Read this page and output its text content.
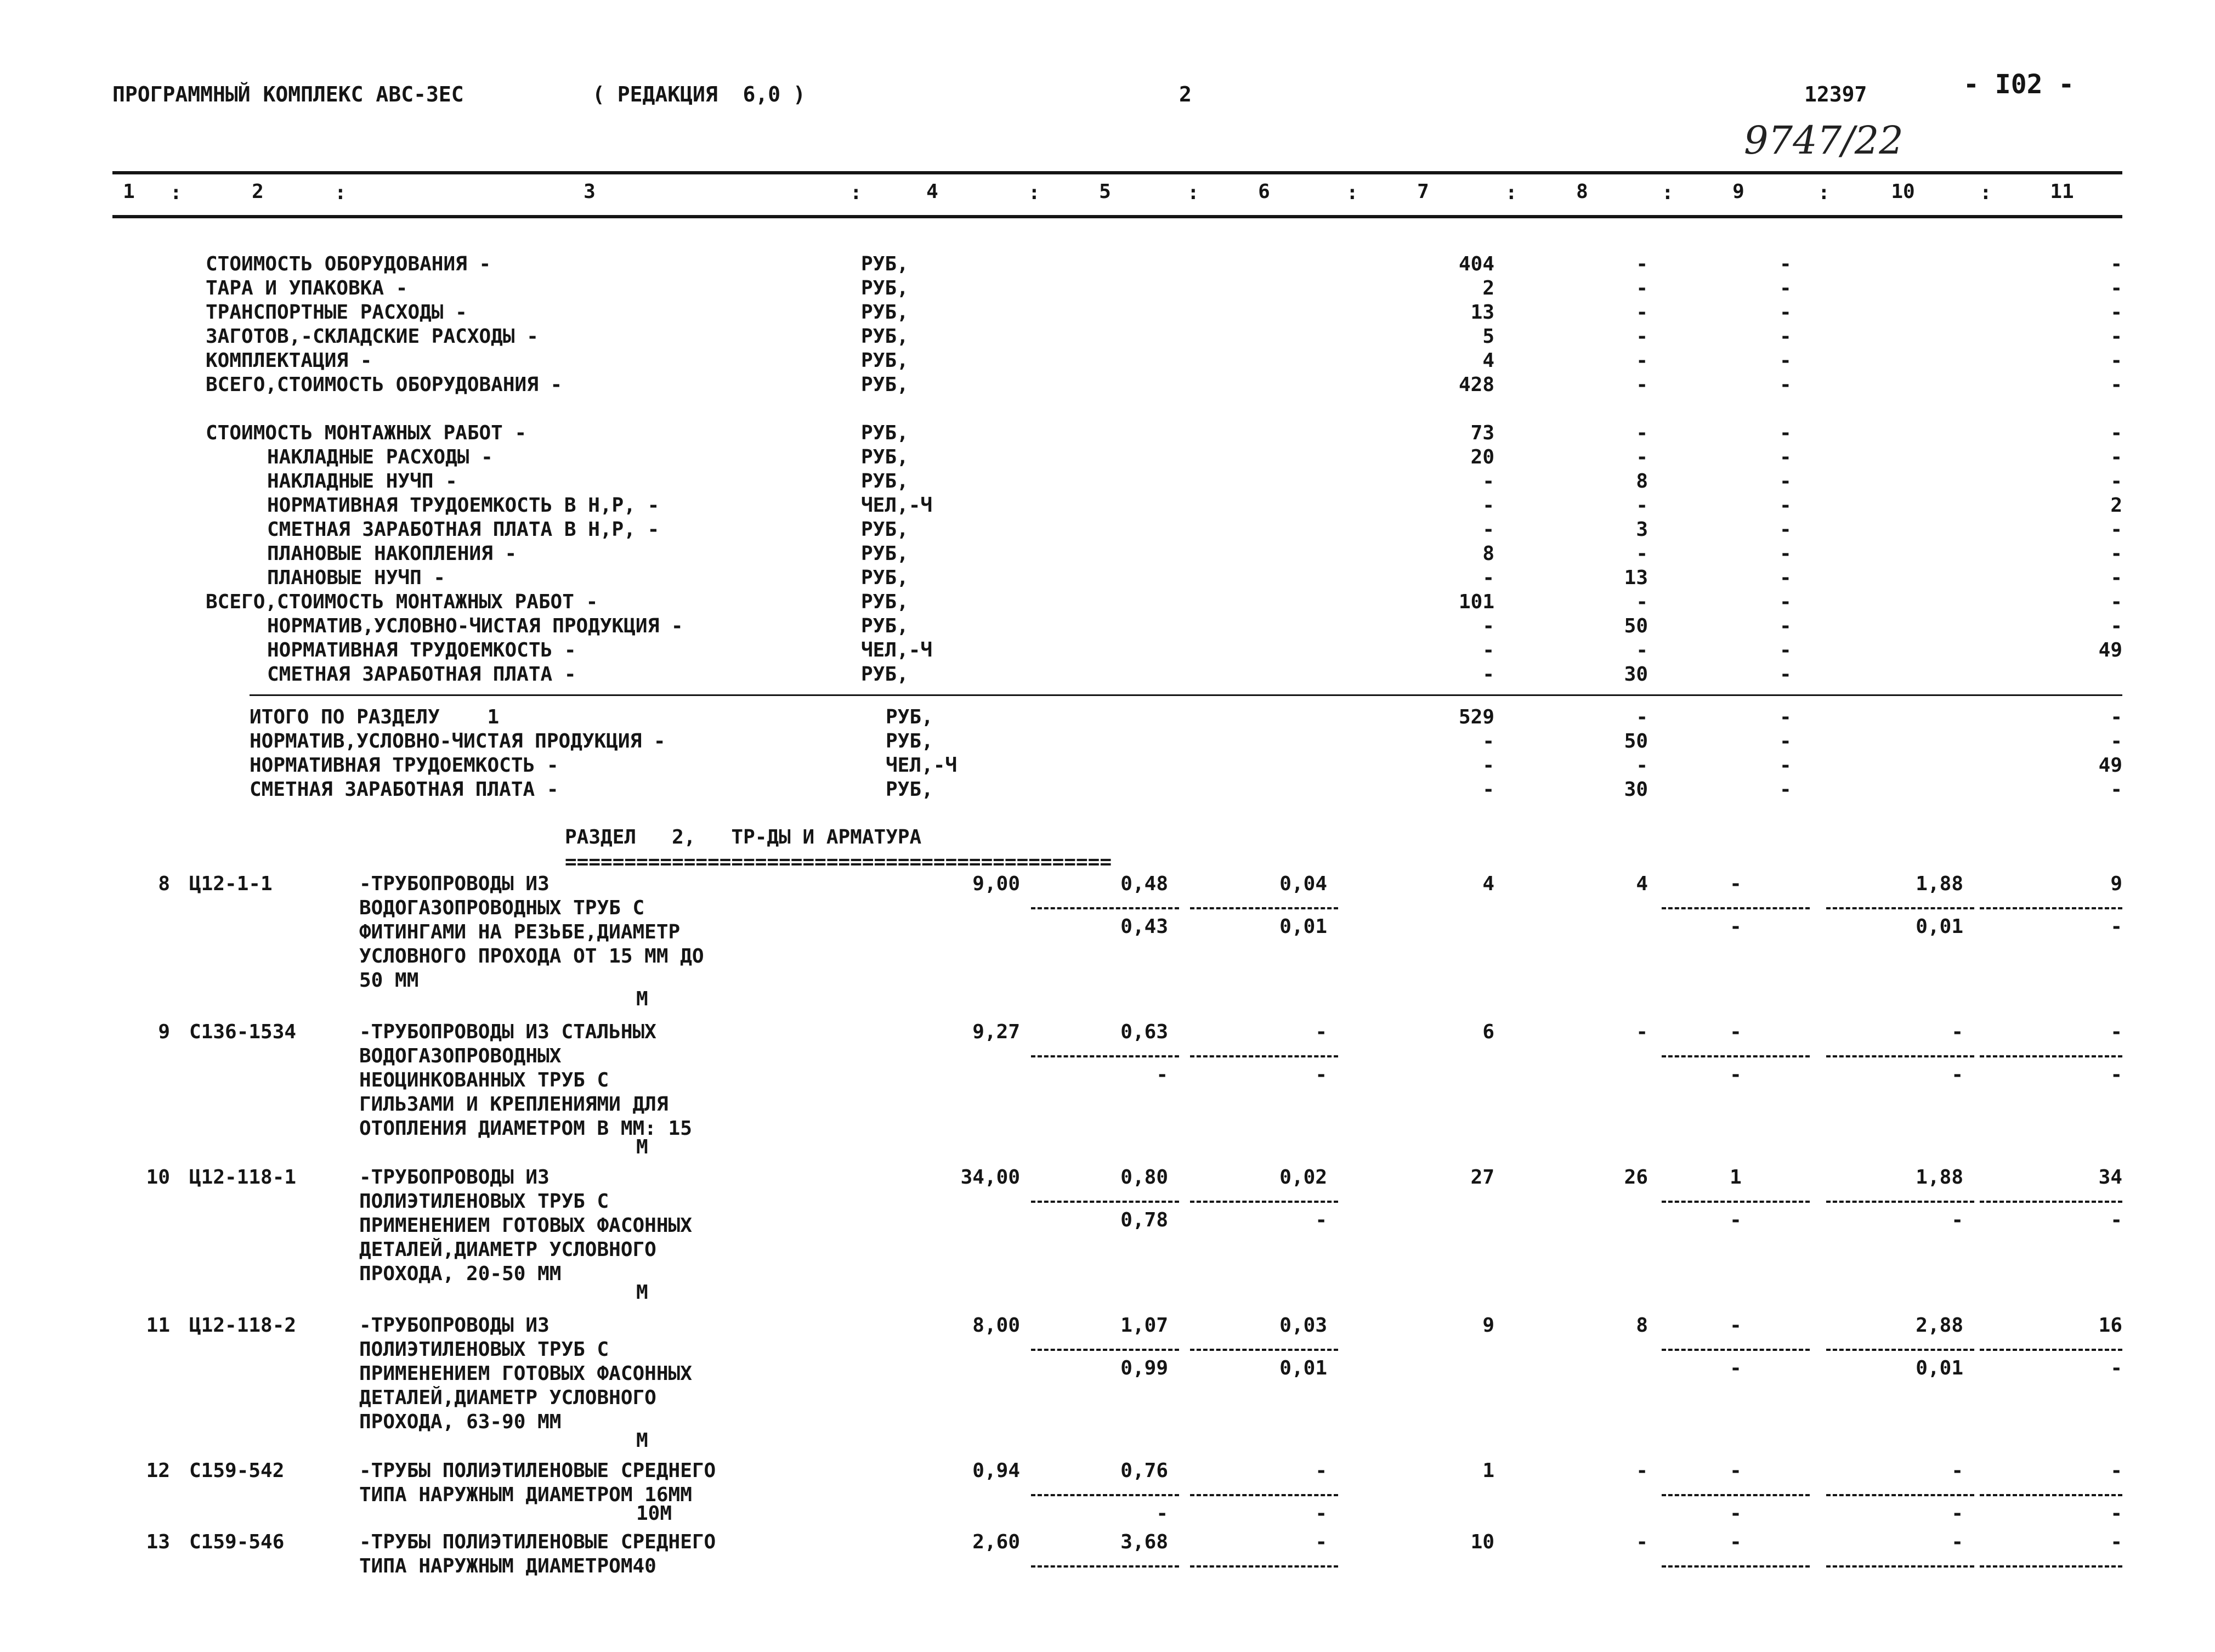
ПРОГРАММНЫЙ КОМПЛЕКС АВС-3ЕС	( РЕДАКЦИЯ  6,0 )	2	12397	- I02 -
9747/22
1	2	3	4	5	6	7	8	9	10	11
:	:	:	:	:	:	:	:	:	:
СТОИМОСТЬ ОБОРУДОВАНИЯ -	РУБ,	404	-	-	-
ТАРА И УПАКОВКА -	РУБ,	2	-	-	-
ТРАНСПОРТНЫЕ РАСХОДЫ -	РУБ,	13	-	-	-
ЗАГОТОВ,-СКЛАДСКИЕ РАСХОДЫ -	РУБ,	5	-	-	-
КОМПЛЕКТАЦИЯ -	РУБ,	4	-	-	-
ВСЕГО,СТОИМОСТЬ ОБОРУДОВАНИЯ -	РУБ,	428	-	-	-
СТОИМОСТЬ МОНТАЖНЫХ РАБОТ -	РУБ,	73	-	-	-
НАКЛАДНЫЕ РАСХОДЫ -	РУБ,	20	-	-	-
НАКЛАДНЫЕ НУЧП -	РУБ,	-	8	-	-
НОРМАТИВНАЯ ТРУДОЕМКОСТЬ В Н,Р, -	ЧЕЛ,-Ч	-	-	-	2
СМЕТНАЯ ЗАРАБОТНАЯ ПЛАТА В Н,Р, -	РУБ,	-	3	-	-
ПЛАНОВЫЕ НАКОПЛЕНИЯ -	РУБ,	8	-	-	-
ПЛАНОВЫЕ НУЧП -	РУБ,	-	13	-	-
ВСЕГО,СТОИМОСТЬ МОНТАЖНЫХ РАБОТ -	РУБ,	101	-	-	-
НОРМАТИВ,УСЛОВНО-ЧИСТАЯ ПРОДУКЦИЯ -	РУБ,	-	50	-	-
НОРМАТИВНАЯ ТРУДОЕМКОСТЬ -	ЧЕЛ,-Ч	-	-	-	49
СМЕТНАЯ ЗАРАБОТНАЯ ПЛАТА -	РУБ,	-	30	-
ИТОГО ПО РАЗДЕЛУ    1	РУБ,	529	-	-	-
НОРМАТИВ,УСЛОВНО-ЧИСТАЯ ПРОДУКЦИЯ -	РУБ,	-	50	-	-
НОРМАТИВНАЯ ТРУДОЕМКОСТЬ -	ЧЕЛ,-Ч	-	-	-	49
СМЕТНАЯ ЗАРАБОТНАЯ ПЛАТА -	РУБ,	-	30	-	-
РАЗДЕЛ   2,   ТР-ДЫ И АРМАТУРА
==============================================
8 Ц12-1-1	-ТРУБОПРОВОДЫ ИЗ
ВОДОГАЗОПРОВОДНЫХ ТРУБ С
ФИТИНГАМИ НА РЕЗЬБЕ,ДИАМЕТР
УСЛОВНОГО ПРОХОДА ОТ 15 ММ ДО
50 ММ
М
9,00	0,48	0,04	4	4	-	1,88	9
0,43	0,01	-	0,01	-
9 С136-1534	-ТРУБОПРОВОДЫ ИЗ СТАЛЬНЫХ
ВОДОГАЗОПРОВОДНЫХ
НЕОЦИНКОВАННЫХ ТРУБ С
ГИЛЬЗАМИ И КРЕПЛЕНИЯМИ ДЛЯ
ОТОПЛЕНИЯ ДИАМЕТРОМ В ММ: 15
М
9,27	0,63	-	6	-	-	-	-
-	-	-	-	-
10 Ц12-118-1	-ТРУБОПРОВОДЫ ИЗ
ПОЛИЭТИЛЕНОВЫХ ТРУБ С
ПРИМЕНЕНИЕМ ГОТОВЫХ ФАСОННЫХ
ДЕТАЛЕЙ,ДИАМЕТР УСЛОВНОГО
ПРОХОДА, 20-50 ММ
М
34,00	0,80	0,02	27	26	1	1,88	34
0,78	-	-	-	-
11 Ц12-118-2	-ТРУБОПРОВОДЫ ИЗ
ПОЛИЭТИЛЕНОВЫХ ТРУБ С
ПРИМЕНЕНИЕМ ГОТОВЫХ ФАСОННЫХ
ДЕТАЛЕЙ,ДИАМЕТР УСЛОВНОГО
ПРОХОДА, 63-90 ММ
М
8,00	1,07	0,03	9	8	-	2,88	16
0,99	0,01	-	0,01	-
12 С159-542	-ТРУБЫ ПОЛИЭТИЛЕНОВЫЕ СРЕДНЕГО
ТИПА НАРУЖНЫМ ДИАМЕТРОМ 16ММ
10М
0,94	0,76	-	1	-	-	-	-
-	-	-	-	-
13 С159-546	-ТРУБЫ ПОЛИЭТИЛЕНОВЫЕ СРЕДНЕГО
ТИПА НАРУЖНЫМ ДИАМЕТРОМ40
2,60	3,68	-	10	-	-	-	-
